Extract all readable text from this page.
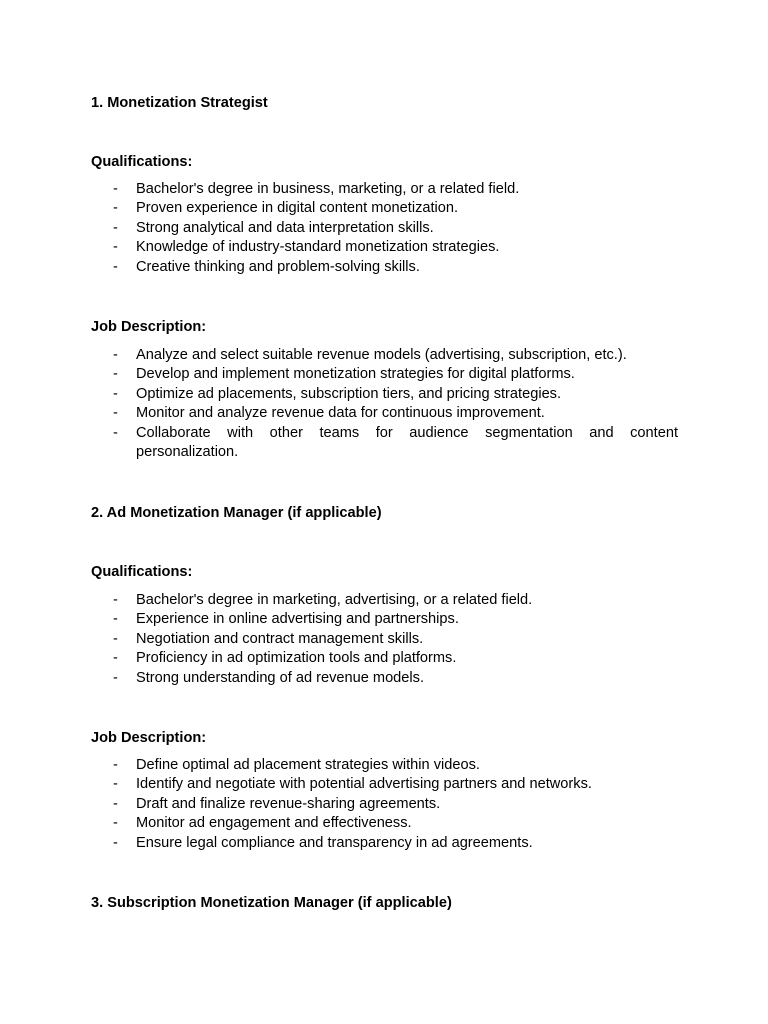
1. Monetization Strategist
Qualifications:
- Bachelor's degree in business, marketing, or a related field.
- Proven experience in digital content monetization.
- Strong analytical and data interpretation skills.
- Knowledge of industry-standard monetization strategies.
- Creative thinking and problem-solving skills.
Job Description:
- Analyze and select suitable revenue models (advertising, subscription, etc.).
- Develop and implement monetization strategies for digital platforms.
- Optimize ad placements, subscription tiers, and pricing strategies.
- Monitor and analyze revenue data for continuous improvement.
- Collaborate with other teams for audience segmentation and content personalization.
2. Ad Monetization Manager (if applicable)
Qualifications:
- Bachelor's degree in marketing, advertising, or a related field.
- Experience in online advertising and partnerships.
- Negotiation and contract management skills.
- Proficiency in ad optimization tools and platforms.
- Strong understanding of ad revenue models.
Job Description:
- Define optimal ad placement strategies within videos.
- Identify and negotiate with potential advertising partners and networks.
- Draft and finalize revenue-sharing agreements.
- Monitor ad engagement and effectiveness.
- Ensure legal compliance and transparency in ad agreements.
3. Subscription Monetization Manager (if applicable)
